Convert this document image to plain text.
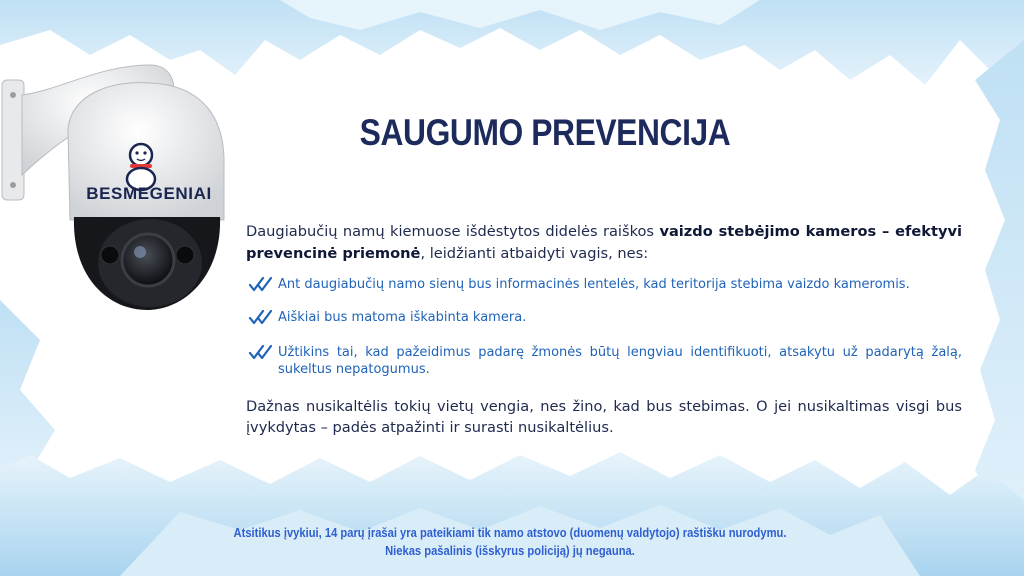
BESMEGENIAI
SAUGUMO PREVENCIJA
Daugiabučių namų kiemuose išdėstytos didelės raiškos vaizdo stebėjimo kameros – efektyvi prevencinė priemonė, leidžianti atbaidyti vagis, nes:
Ant daugiabučių namo sienų bus informacinės lentelės, kad teritorija stebima vaizdo kameromis.
Aiškiai bus matoma iškabinta kamera.
Užtikins tai, kad pažeidimus padarę žmonės būtų lengviau identifikuoti, atsakytu už padarytą žalą, sukeltus nepatogumus.
Dažnas nusikaltėlis tokių vietų vengia, nes žino, kad bus stebimas. O jei nusikaltimas visgi bus įvykdytas – padės atpažinti ir surasti nusikaltėlius.
Atsitikus įvykiui, 14 parų įrašai yra pateikiami tik namo atstovo (duomenų valdytojo) raštišku nurodymu.
Niekas pašalinis (išskyrus policiją) jų negauna.
